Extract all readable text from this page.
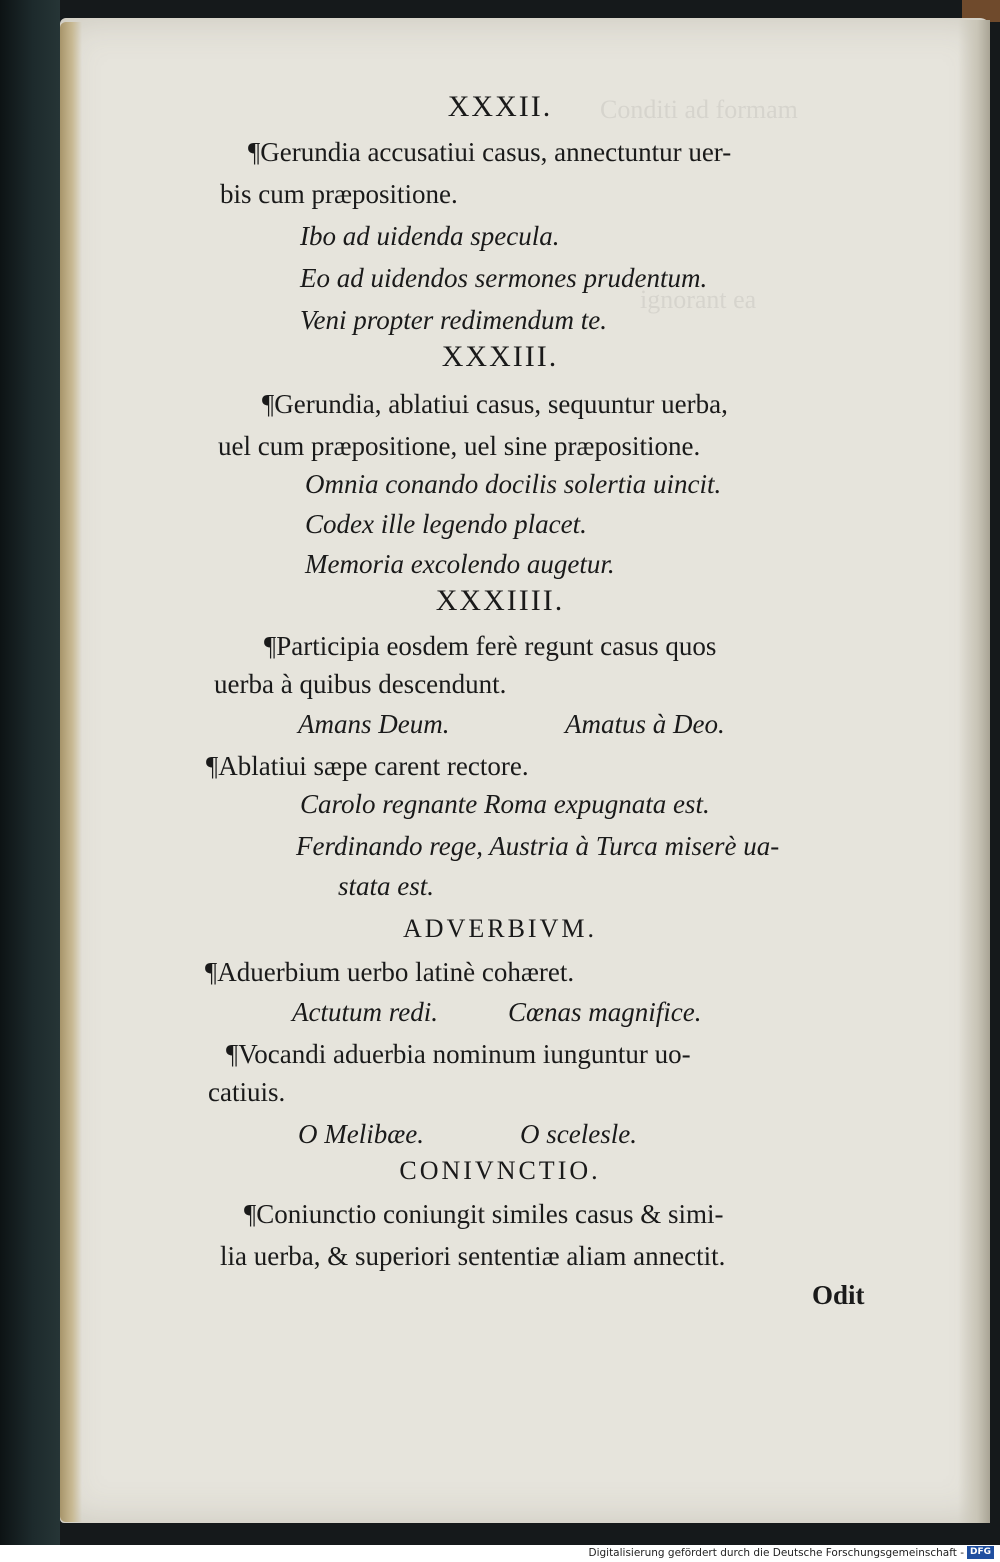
Conditi ad formam
ignorant ea
XXXII.
¶Gerundia accusatiui casus, annectuntur uer-
bis cum præpositione.
Ibo ad uidenda specula.
Eo ad uidendos sermones prudentum.
Veni propter redimendum te.
XXXIII.
¶Gerundia, ablatiui casus, sequuntur uerba,
uel cum præpositione, uel sine præpositione.
Omnia conando docilis solertia uincit.
Codex ille legendo placet.
Memoria excolendo augetur.
XXXIIII.
¶Participia eosdem ferè regunt casus quos
uerba à quibus descendunt.
Amans Deum.	Amatus à Deo.
¶Ablatiui sæpe carent rectore.
Carolo regnante Roma expugnata est.
Ferdinando rege, Austria à Turca miserè ua-
stata est.
ADVERBIVM.
¶Aduerbium uerbo latinè cohæret.
Actutum redi.	Cœnas magnifice.
¶Vocandi aduerbia nominum iunguntur uo-
catiuis.
O Melibæe.	O scelesle.
CONIVNCTIO.
¶Coniunctio coniungit similes casus & simi-
lia uerba, & superiori sententiæ aliam annectit.
Odit
Digitalisierung gefördert durch die Deutsche Forschungsgemeinschaft - DFG
